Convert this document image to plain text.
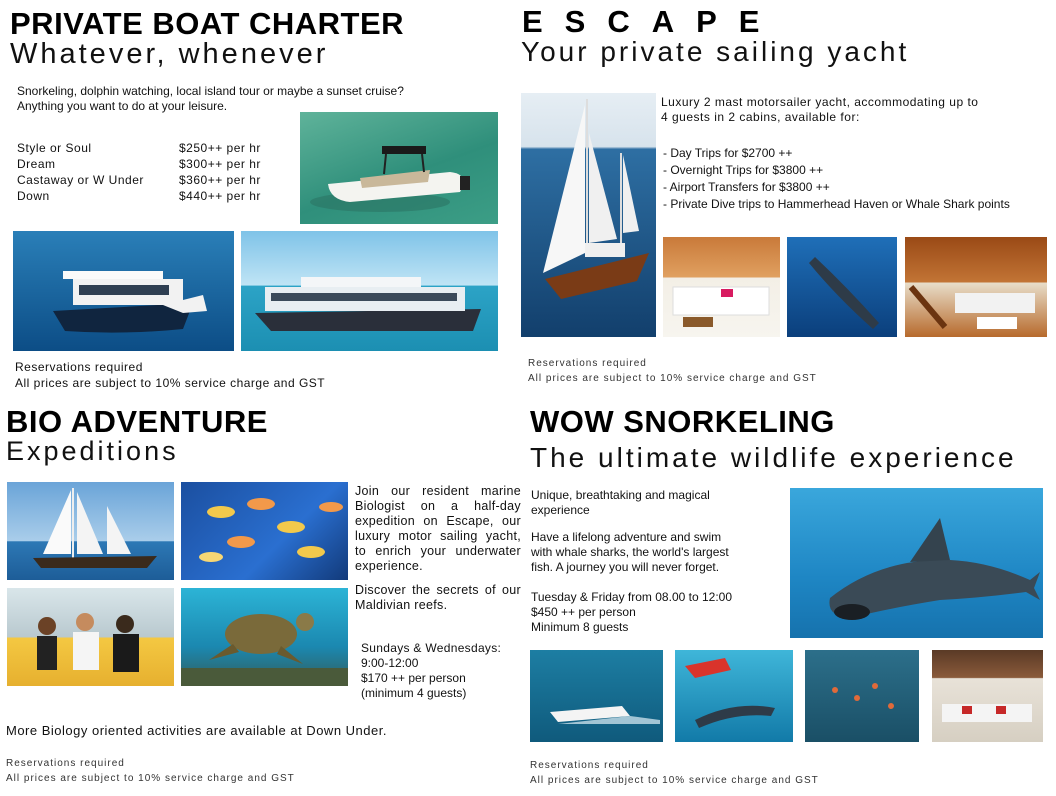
PRIVATE BOAT CHARTER
Whatever, whenever
Snorkeling, dolphin watching, local island tour or maybe a sunset cruise?
Anything you want to do at your leisure.
Style or Soul	$250++ per hr
Dream	$300++ per hr
Castaway or W Under	$360++ per hr
Down	$440++ per hr
Reservations required
All prices are subject to 10% service charge and GST
ESCAPE
Your private sailing yacht
Luxury 2 mast motorsailer yacht, accommodating up to
4 guests in 2 cabins, available for:
- Day Trips for $2700 ++
- Overnight Trips for $3800 ++
- Airport Transfers for $3800 ++
- Private Dive trips to Hammerhead Haven or Whale Shark points
Reservations required
All prices are subject to 10% service charge and GST
BIO ADVENTURE
Expeditions
Join our resident marine Biologist on a half-day expedition on Escape, our luxury motor sailing yacht, to enrich your underwater experience.
Discover the secrets of our Maldivian reefs.
Sundays & Wednesdays:
9:00-12:00
$170 ++ per person
(minimum 4 guests)
More Biology oriented activities are available at Down Under.
Reservations required
All prices are subject to 10% service charge and GST
WOW SNORKELING
The ultimate wildlife experience
Unique, breathtaking and magical
experience
Have a lifelong adventure and swim
with whale sharks, the world's largest
fish. A journey you will never forget.
Tuesday & Friday from 08.00 to 12:00
$450 ++ per person
Minimum 8 guests
Reservations required
All prices are subject to 10% service charge and GST
